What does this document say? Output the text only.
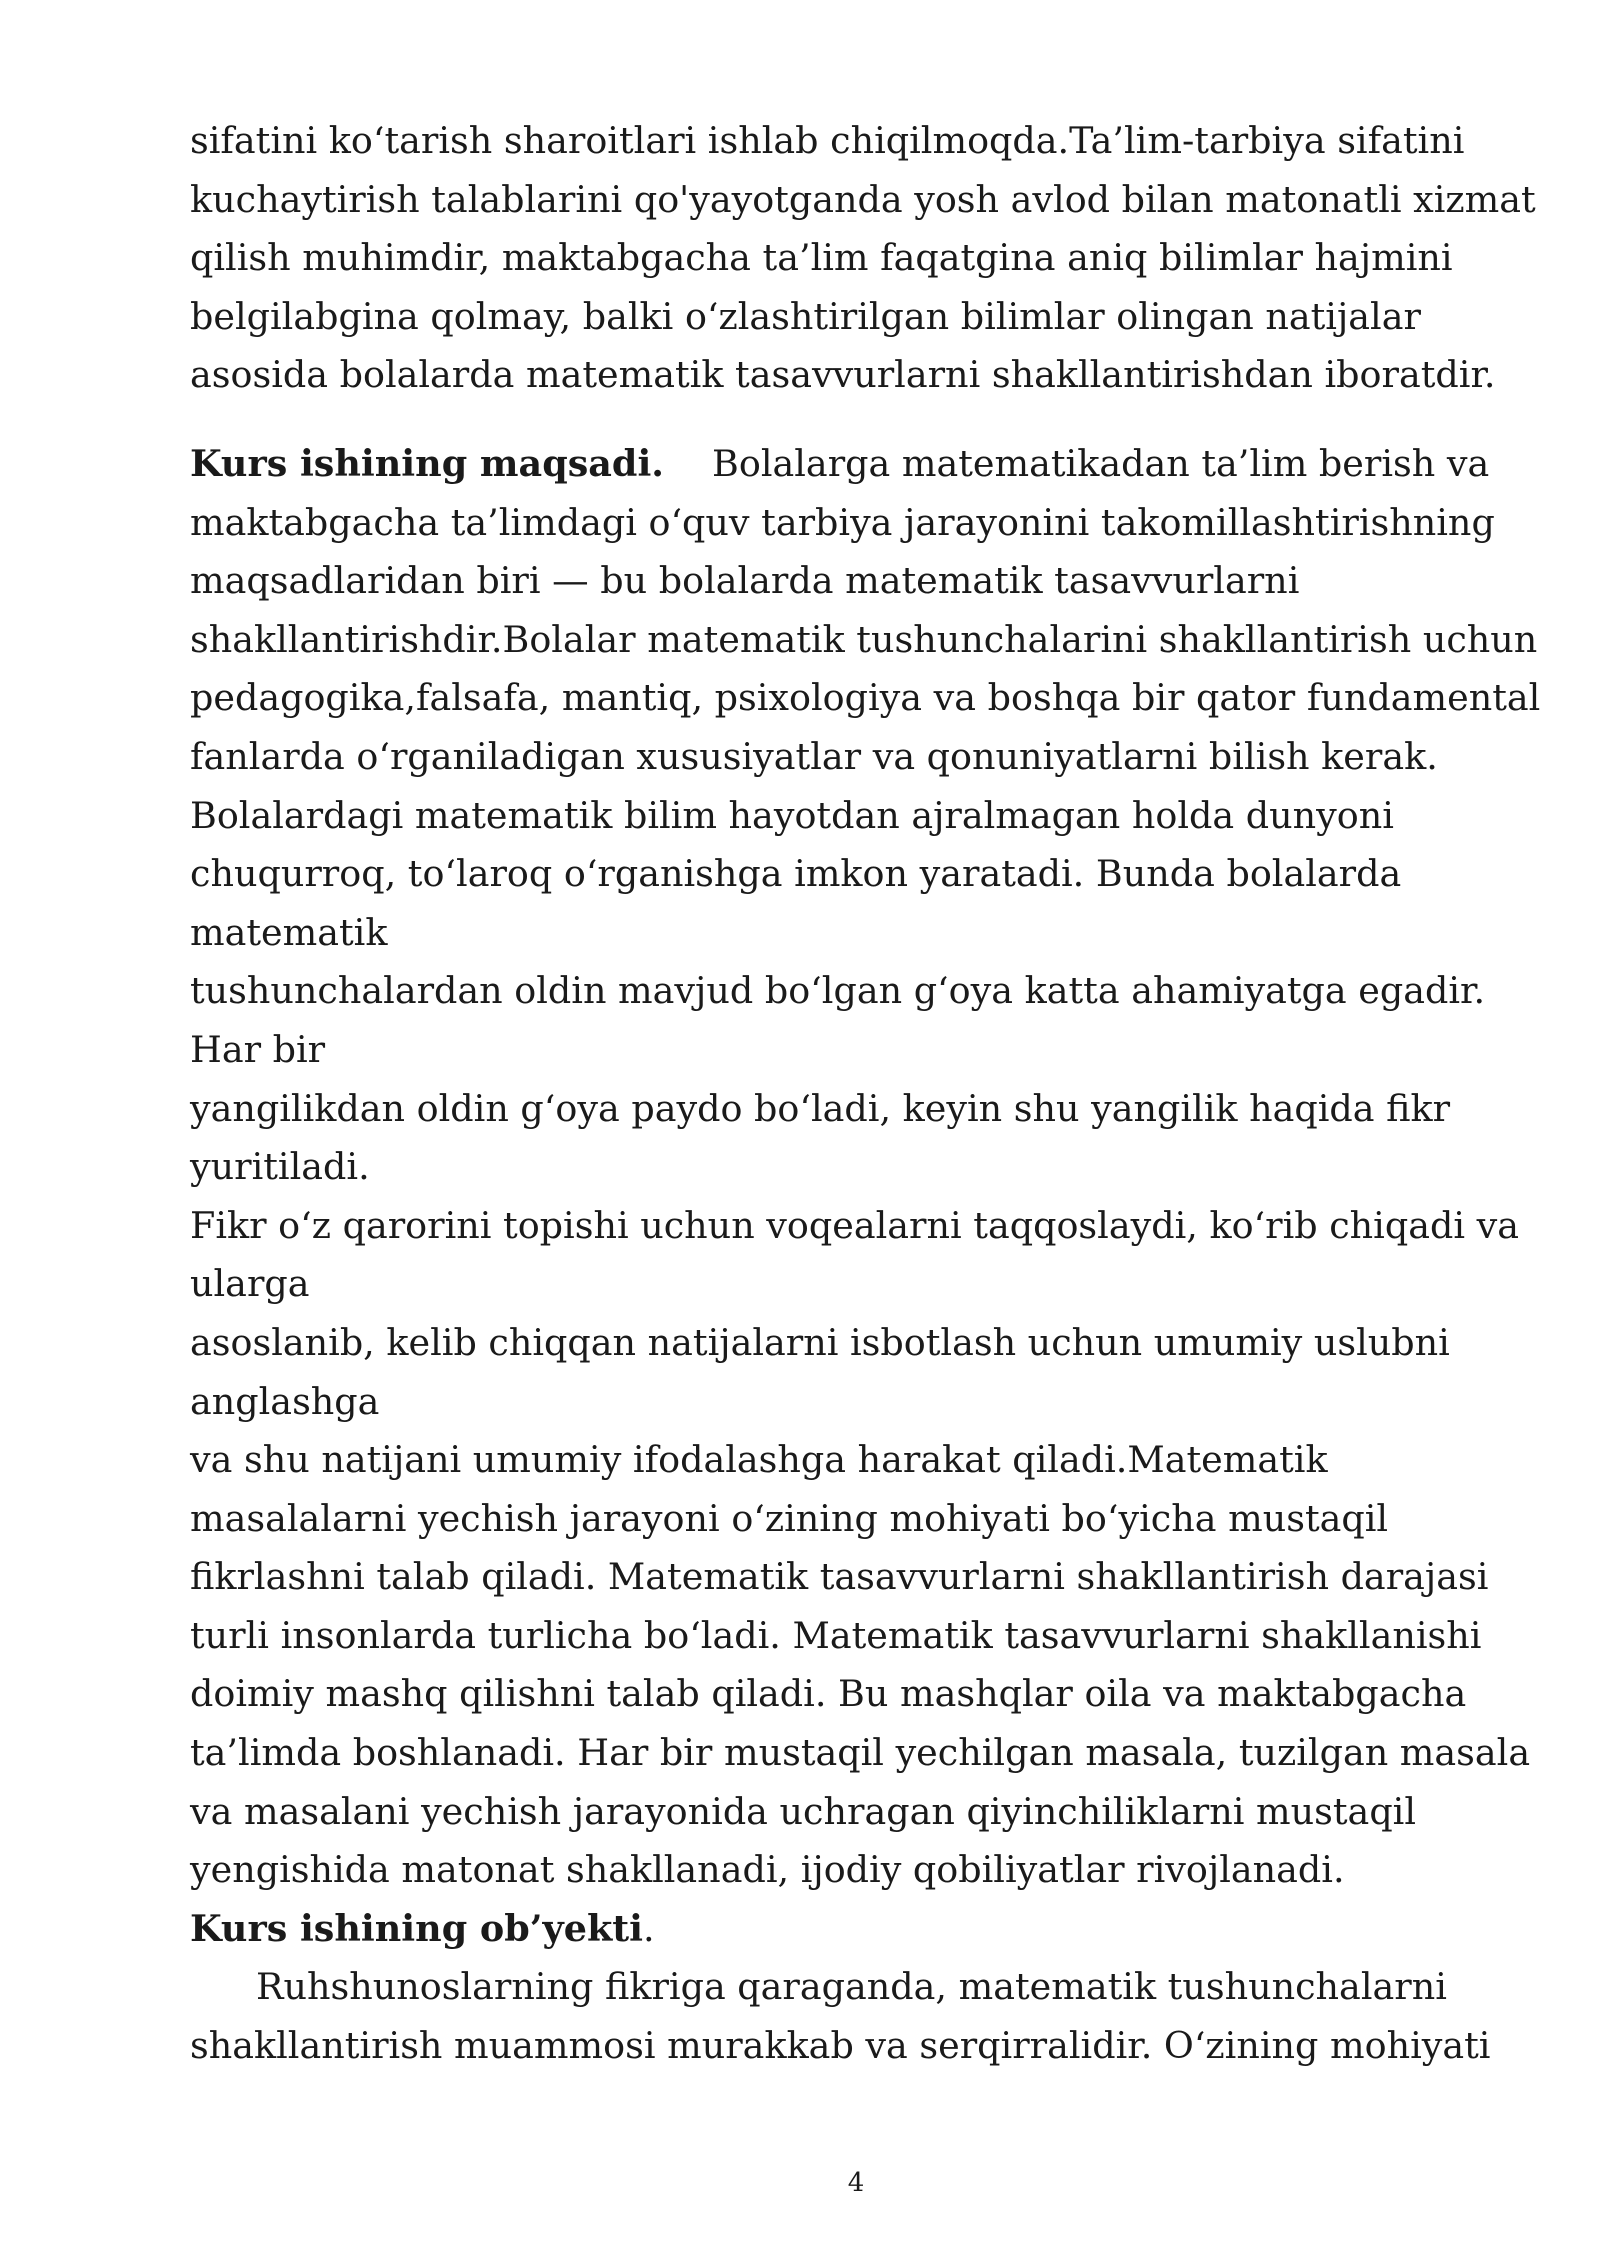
sifatini ko‘tarish sharoitlari ishlab chiqilmoqda.Ta’lim-tarbiya sifatini
kuchaytirish talablarini qo'yayotganda yosh avlod bilan matonatli xizmat
qilish muhimdir, maktabgacha ta’lim faqatgina aniq bilimlar hajmini
belgilabgina qolmay, balki o‘zlashtirilgan bilimlar olingan natijalar
asosida bolalarda matematik tasavvurlarni shakllantirishdan iboratdir.
Kurs ishining maqsadi. Bolalarga matematikadan ta’lim berish va
maktabgacha ta’limdagi o‘quv tarbiya jarayonini takomillashtirishning
maqsadlaridan biri — bu bolalarda matematik tasavvurlarni
shakllantirishdir.Bolalar matematik tushunchalarini shakllantirish uchun
pedagogika,falsafa, mantiq, psixologiya va boshqa bir qator fundamental
fanlarda o‘rganiladigan xususiyatlar va qonuniyatlarni bilish kerak.
Bolalardagi matematik bilim hayotdan ajralmagan holda dunyoni
chuqurroq, to‘laroq o‘rganishga imkon yaratadi. Bunda bolalarda
matematik
tushunchalardan oldin mavjud bo‘lgan g‘oya katta ahamiyatga egadir.
Har bir
yangilikdan oldin g‘oya paydo bo‘ladi, keyin shu yangilik haqida fikr
yuritiladi.
Fikr o‘z qarorini topishi uchun voqealarni taqqoslaydi, ko‘rib chiqadi va
ularga
asoslanib, kelib chiqqan natijalarni isbotlash uchun umumiy uslubni
anglashga
va shu natijani umumiy ifodalashga harakat qiladi.Matematik
masalalarni yechish jarayoni o‘zining mohiyati bo‘yicha mustaqil
fikrlashni talab qiladi. Matematik tasavvurlarni shakllantirish darajasi
turli insonlarda turlicha bo‘ladi. Matematik tasavvurlarni shakllanishi
doimiy mashq qilishni talab qiladi. Bu mashqlar oila va maktabgacha
ta’limda boshlanadi. Har bir mustaqil yechilgan masala, tuzilgan masala
va masalani yechish jarayonida uchragan qiyinchiliklarni mustaqil
yengishida matonat shakllanadi, ijodiy qobiliyatlar rivojlanadi.
Kurs ishining ob’yekti.
Ruhshunoslarning fikriga qaraganda, matematik tushunchalarni
shakllantirish muammosi murakkab va serqirralidir. O‘zining mohiyati
4
